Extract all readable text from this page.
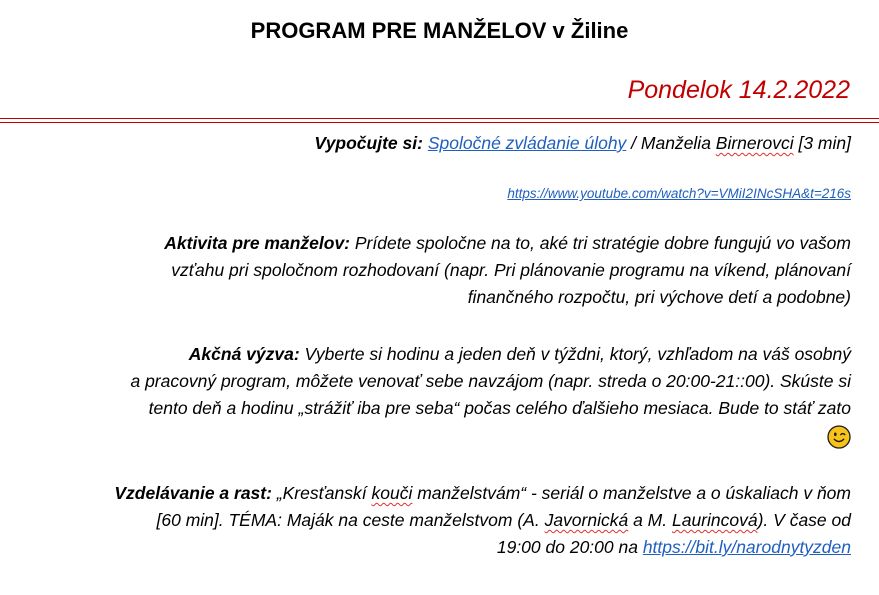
PROGRAM PRE MANŽELOV v Žiline
Pondelok 14.2.2022
Vypočujte si: Spoločné zvládanie úlohy / Manželia Birnerovci [3 min]
https://www.youtube.com/watch?v=VMiI2INcSHA&t=216s
Aktivita pre manželov: Prídete spoločne na to, aké tri stratégie dobre fungujú vo vašom
vzťahu pri spoločnom rozhodovaní (napr. Pri plánovanie programu na víkend, plánovaní
finančného rozpočtu, pri výchove detí a podobne)
Akčná výzva: Vyberte si hodinu a jeden deň v týždni, ktorý, vzhľadom na váš osobný
a pracovný program, môžete venovať sebe navzájom (napr. streda o 20:00-21::00). Skúste si
tento deň a hodinu „strážiť iba pre seba“ počas celého ďalšieho mesiaca. Bude to stáť zato
Vzdelávanie a rast: „Kresťanskí kouči manželstvám“ - seriál o manželstve a o úskaliach v ňom
[60 min]. TÉMA: Maják na ceste manželstvom (A. Javornická a M. Laurincová). V čase od
19:00 do 20:00 na https://bit.ly/narodnytyzden
